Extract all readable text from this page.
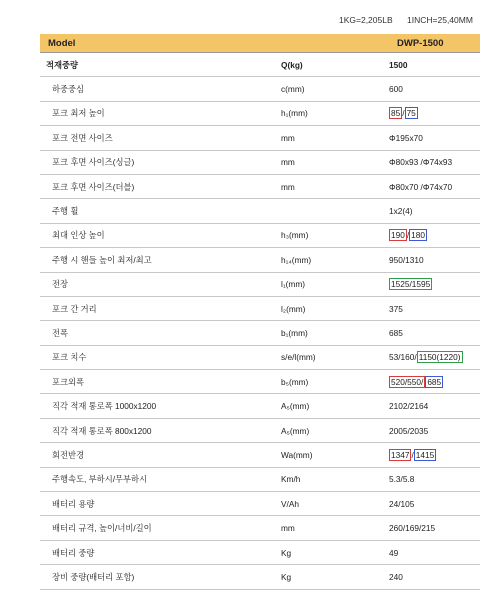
1KG=2,205LB 1INCH=25,40MM
Model		DWP-1500
적재중량	Q(kg)	1500
하중중심	c(mm)	600
포크 최저 높이	h₁(mm)	85 / 75
포크 전면 사이즈	mm	Φ195x70
포크 후면 사이즈(싱글)	mm	Φ80x93 /Φ74x93
포크 후면 사이즈(더블)	mm	Φ80x70 /Φ74x70
주행 휠		1x2(4)
최대 인상 높이	h₃(mm)	190 / 180
주행 시 핸들 높이 최저/최고	h₁₄(mm)	950/1310
전장	l₁(mm)	1525/1595
포크 간 거리	l₂(mm)	375
전폭	b₁(mm)	685
포크 치수	s/e/l(mm)	53/160/ 1150(1220)
포크외폭	b₅(mm)	520/550/ 685
직각 적재 통로폭 1000x1200	A₅(mm)	2102/2164
직각 적재 통로폭 800x1200	A₅(mm)	2005/2035
회전반경	Wa(mm)	1347 / 1415
주행속도, 부하시/무부하시	Km/h	5.3/5.8
배터리 용량	V/Ah	24/105
배터리 규격, 높이/너비/길이	mm	260/169/215
배터리 중량	Kg	49
장비 중량(배터리 포함)	Kg	240
